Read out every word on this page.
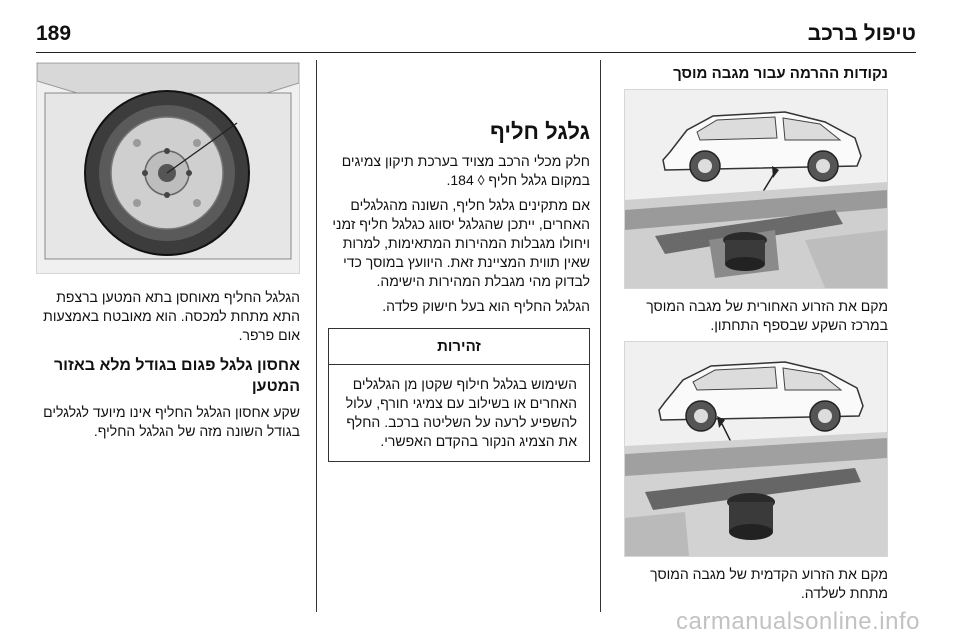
189	טיפול ברכב
נקודות ההרמה עבור מגבה מוסך

מקם את הזרוע האחורית של מגבה המוסך במרכז השקע שבספף התחתון.

מקם את הזרוע הקדמית של מגבה המוסך מתחת לשלדה.

גלגל חליף

חלק מכלי הרכב מצויד בערכת תיקון צמיגים במקום גלגל חליף ◊ 184.

אם מתקינים גלגל חליף, השונה מהגלגלים האחרים, ייתכן שהגלגל יסווג כגלגל חליף זמני ויחולו מגבלות המהירות המתאימות, למרות שאין תווית המציינת זאת. היוועץ במוסך כדי לבדוק מהי מגבלת המהירות הישימה.

הגלגל החליף הוא בעל חישוק פלדה.

זהירות
השימוש בגלגל חילוף שקטן מן הגלגלים האחרים או בשילוב עם צמיגי חורף, עלול להשפיע לרעה על השליטה ברכב. החלף את הצמיג הנקור בהקדם האפשרי.

הגלגל החליף מאוחסן בתא המטען ברצפת התא מתחת למכסה. הוא מאובטח באמצעות אום פרפר.

אחסון גלגל פגום בגודל מלא באזור המטען

שקע אחסון הגלגל החליף אינו מיועד לגלגלים בגודל השונה מזה של הגלגל החליף.

carmanualsonline.info
